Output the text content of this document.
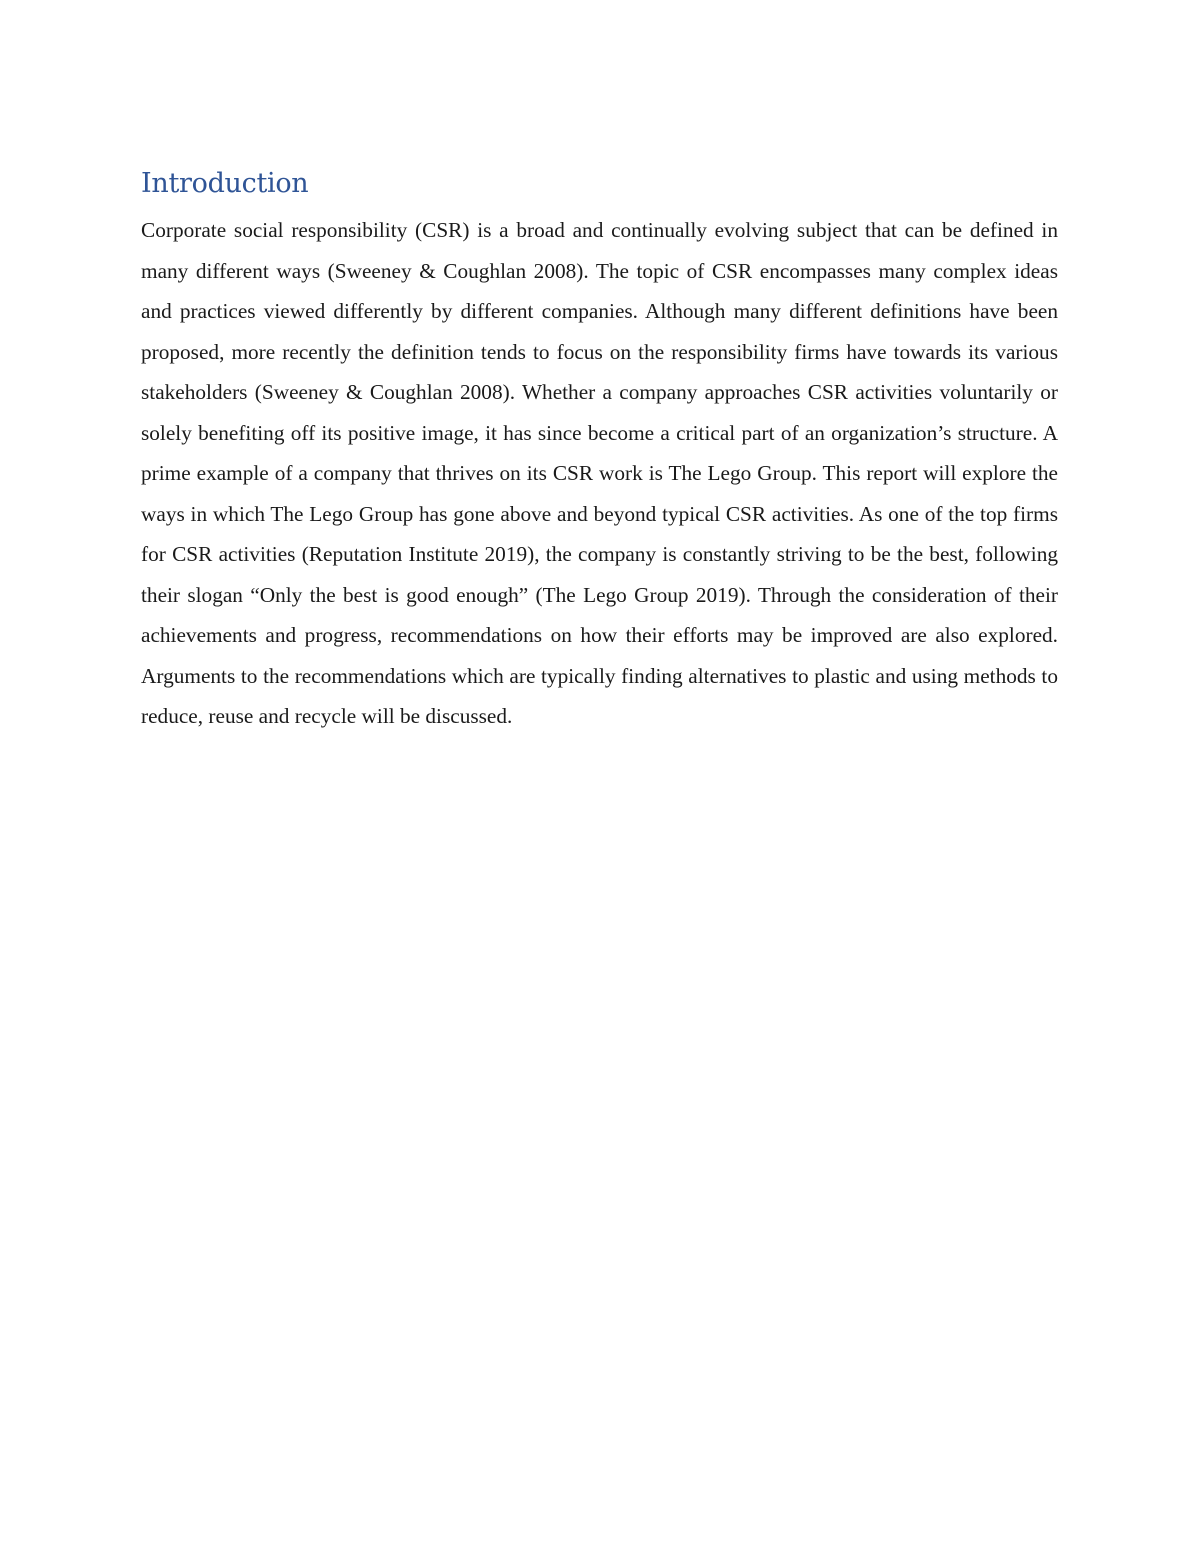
Introduction

Corporate social responsibility (CSR) is a broad and continually evolving subject that can be defined in many different ways (Sweeney & Coughlan 2008). The topic of CSR encompasses many complex ideas and practices viewed differently by different companies. Although many different definitions have been proposed, more recently the definition tends to focus on the responsibility firms have towards its various stakeholders (Sweeney & Coughlan 2008). Whether a company approaches CSR activities voluntarily or solely benefiting off its positive image, it has since become a critical part of an organization’s structure. A prime example of a company that thrives on its CSR work is The Lego Group. This report will explore the ways in which The Lego Group has gone above and beyond typical CSR activities. As one of the top firms for CSR activities (Reputation Institute 2019), the company is constantly striving to be the best, following their slogan “Only the best is good enough” (The Lego Group 2019). Through the consideration of their achievements and progress, recommendations on how their efforts may be improved are also explored. Arguments to the recommendations which are typically finding alternatives to plastic and using methods to reduce, reuse and recycle will be discussed.
